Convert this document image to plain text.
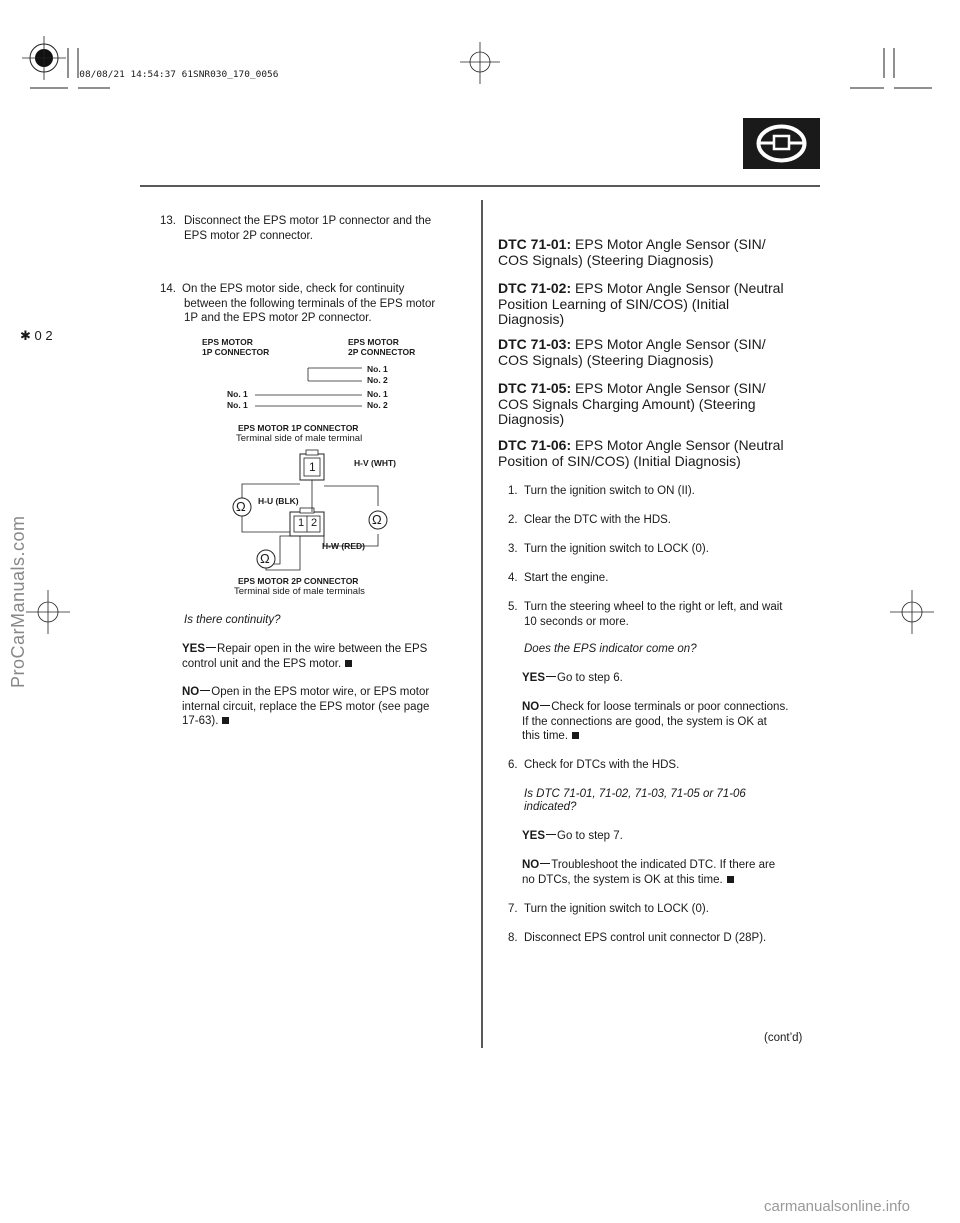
08/08/21 14:54:37 61SNR030_170_0056
✱ 0 2
13. Disconnect the EPS motor 1P connector and the
EPS motor 2P connector.
14. On the EPS motor side, check for continuity
between the following terminals of the EPS motor
1P and the EPS motor 2P connector.
EPS MOTOR
1P CONNECTOR
EPS MOTOR
2P CONNECTOR
No. 1
No. 2
No. 1	No. 1
No. 1	No. 2
EPS MOTOR 1P CONNECTOR
Terminal side of male terminal
1
1 2
Ω
Ω
Ω
H-V (WHT)
H-U (BLK)
H-W (RED)
EPS MOTOR 2P CONNECTOR
Terminal side of male terminals
Is there continuity?
YES Repair open in the wire between the EPS
control unit and the EPS motor.
NO Open in the EPS motor wire, or EPS motor
internal circuit, replace the EPS motor (see page
17-63).
DTC 71-01: EPS Motor Angle Sensor (SIN/
COS Signals) (Steering Diagnosis)
DTC 71-02: EPS Motor Angle Sensor (Neutral
Position Learning of SIN/COS) (Initial
Diagnosis)
DTC 71-03: EPS Motor Angle Sensor (SIN/
COS Signals) (Steering Diagnosis)
DTC 71-05: EPS Motor Angle Sensor (SIN/
COS Signals Charging Amount) (Steering
Diagnosis)
DTC 71-06: EPS Motor Angle Sensor (Neutral
Position of SIN/COS) (Initial Diagnosis)
1. Turn the ignition switch to ON (II).
2. Clear the DTC with the HDS.
3. Turn the ignition switch to LOCK (0).
4. Start the engine.
5. Turn the steering wheel to the right or left, and wait
10 seconds or more.
Does the EPS indicator come on?
YES Go to step 6.
NO Check for loose terminals or poor connections.
If the connections are good, the system is OK at
this time.
6. Check for DTCs with the HDS.
Is DTC 71-01, 71-02, 71-03, 71-05 or 71-06
indicated?
YES Go to step 7.
NO Troubleshoot the indicated DTC. If there are
no DTCs, the system is OK at this time.
7. Turn the ignition switch to LOCK (0).
8. Disconnect EPS control unit connector D (28P).
(cont’d)
ProCarManuals.com
carmanualsonline.info
